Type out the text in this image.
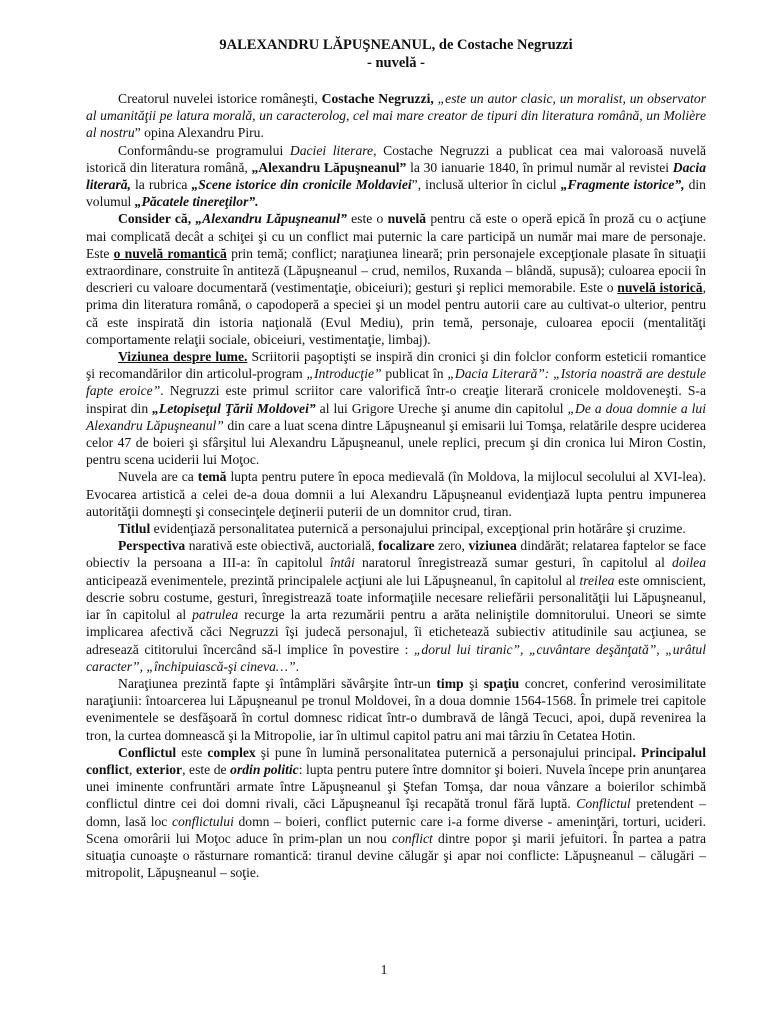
9ALEXANDRU LĂPUŞNEANUL, de Costache Negruzzi
- nuvelă -

Creatorul nuvelei istorice româneşti, Costache Negruzzi, „este un autor clasic, un moralist, un observator al umanităţii pe latura morală, un caracterolog, cel mai mare creator de tipuri din literatura română, un Molière al nostru” opina Alexandru Piru.

Conformându-se programului Daciei literare, Costache Negruzzi a publicat cea mai valoroasă nuvelă istorică din literatura română, „Alexandru Lăpuşneanul” la 30 ianuarie 1840, în primul număr al revistei Dacia literară, la rubrica „Scene istorice din cronicile Moldaviei”, inclusă ulterior în ciclul „Fragmente istorice”, din volumul „Păcatele tinereţilor”.

Consider că, „Alexandru Lăpuşneanul” este o nuvelă pentru că este o operă epică în proză cu o acţiune mai complicată decât a schiţei şi cu un conflict mai puternic la care participă un număr mai mare de personaje. Este o nuvelă romantică prin temă; conflict; naraţiunea lineară; prin personajele excepţionale plasate în situaţii extraordinare, construite în antiteză (Lăpuşneanul – crud, nemilos, Ruxanda – blândă, supusă); culoarea epocii în descrieri cu valoare documentară (vestimentaţie, obiceiuri); gesturi şi replici memorabile. Este o nuvelă istorică, prima din literatura română, o capodoperă a speciei şi un model pentru autorii care au cultivat-o ulterior, pentru că este inspirată din istoria naţională (Evul Mediu), prin temă, personaje, culoarea epocii (mentalităţi comportamente relaţii sociale, obiceiuri, vestimentaţie, limbaj).

Viziunea despre lume. Scriitorii paşoptişti se inspiră din cronici şi din folclor conform esteticii romantice şi recomandărilor din articolul-program „Introducţie” publicat în „Dacia Literară”: „Istoria noastră are destule fapte eroice”. Negruzzi este primul scriitor care valorifică într-o creaţie literară cronicele moldoveneşti. S-a inspirat din „Letopiseţul Ţării Moldovei” al lui Grigore Ureche şi anume din capitolul „De a doua domnie a lui Alexandru Lăpuşneanul” din care a luat scena dintre Lăpuşneanul şi emisarii lui Tomşa, relatările despre uciderea celor 47 de boieri şi sfârşitul lui Alexandru Lăpuşneanul, unele replici, precum şi din cronica lui Miron Costin, pentru scena uciderii lui Moţoc.

Nuvela are ca temă lupta pentru putere în epoca medievală (în Moldova, la mijlocul secolului al XVI-lea). Evocarea artistică a celei de-a doua domnii a lui Alexandru Lăpuşneanul evidenţiază lupta pentru impunerea autorităţii domneşti şi consecinţele deţinerii puterii de un domnitor crud, tiran.

Titlul evidenţiază personalitatea puternică a personajului principal, excepţional prin hotărâre şi cruzime.

Perspectiva narativă este obiectivă, auctorială, focalizare zero, viziunea dindărăt; relatarea faptelor se face obiectiv la persoana a III-a: în capitolul întâi naratorul înregistrează sumar gesturi, în capitolul al doilea anticipează evenimentele, prezintă principalele acţiuni ale lui Lăpuşneanul, în capitolul al treilea este omniscient, descrie sobru costume, gesturi, înregistrează toate informaţiile necesare reliefării personalităţii lui Lăpuşneanul, iar în capitolul al patrulea recurge la arta rezumării pentru a arăta neliniştile domnitorului. Uneori se simte implicarea afectivă căci Negruzzi îşi judecă personajul, îi etichetează subiectiv atitudinile sau acţiunea, se adresează cititorului încercând să-l implice în povestire : „dorul lui tiranic”, „cuvântare deşănţată”, „urâtul caracter”, „închipuiască-şi cineva…”.

Naraţiunea prezintă fapte şi întâmplări săvârşite într-un timp şi spaţiu concret, conferind verosimilitate naraţiunii: întoarcerea lui Lăpuşneanul pe tronul Moldovei, în a doua domnie 1564-1568. În primele trei capitole evenimentele se desfăşoară în cortul domnesc ridicat într-o dumbravă de lângă Tecuci, apoi, după revenirea la tron, la curtea domnească şi la Mitropolie, iar în ultimul capitol patru ani mai târziu în Cetatea Hotin.

Conflictul este complex şi pune în lumină personalitatea puternică a personajului principal. Principalul conflict, exterior, este de ordin politic: lupta pentru putere între domnitor şi boieri. Nuvela începe prin anunţarea unei iminente confruntări armate între Lăpuşneanul şi Ştefan Tomşa, dar noua vânzare a boierilor schimbă conflictul dintre cei doi domni rivali, căci Lăpuşneanul îşi recapătă tronul fără luptă. Conflictul pretendent – domn, lasă loc conflictului domn – boieri, conflict puternic care i-a forme diverse - ameninţări, torturi, ucideri. Scena omorârii lui Moţoc aduce în prim-plan un nou conflict dintre popor şi marii jefuitori. În partea a patra situaţia cunoaşte o răsturnare romantică: tiranul devine călugăr şi apar noi conflicte: Lăpuşneanul – călugări – mitropolit, Lăpuşneanul – soţie.

1
